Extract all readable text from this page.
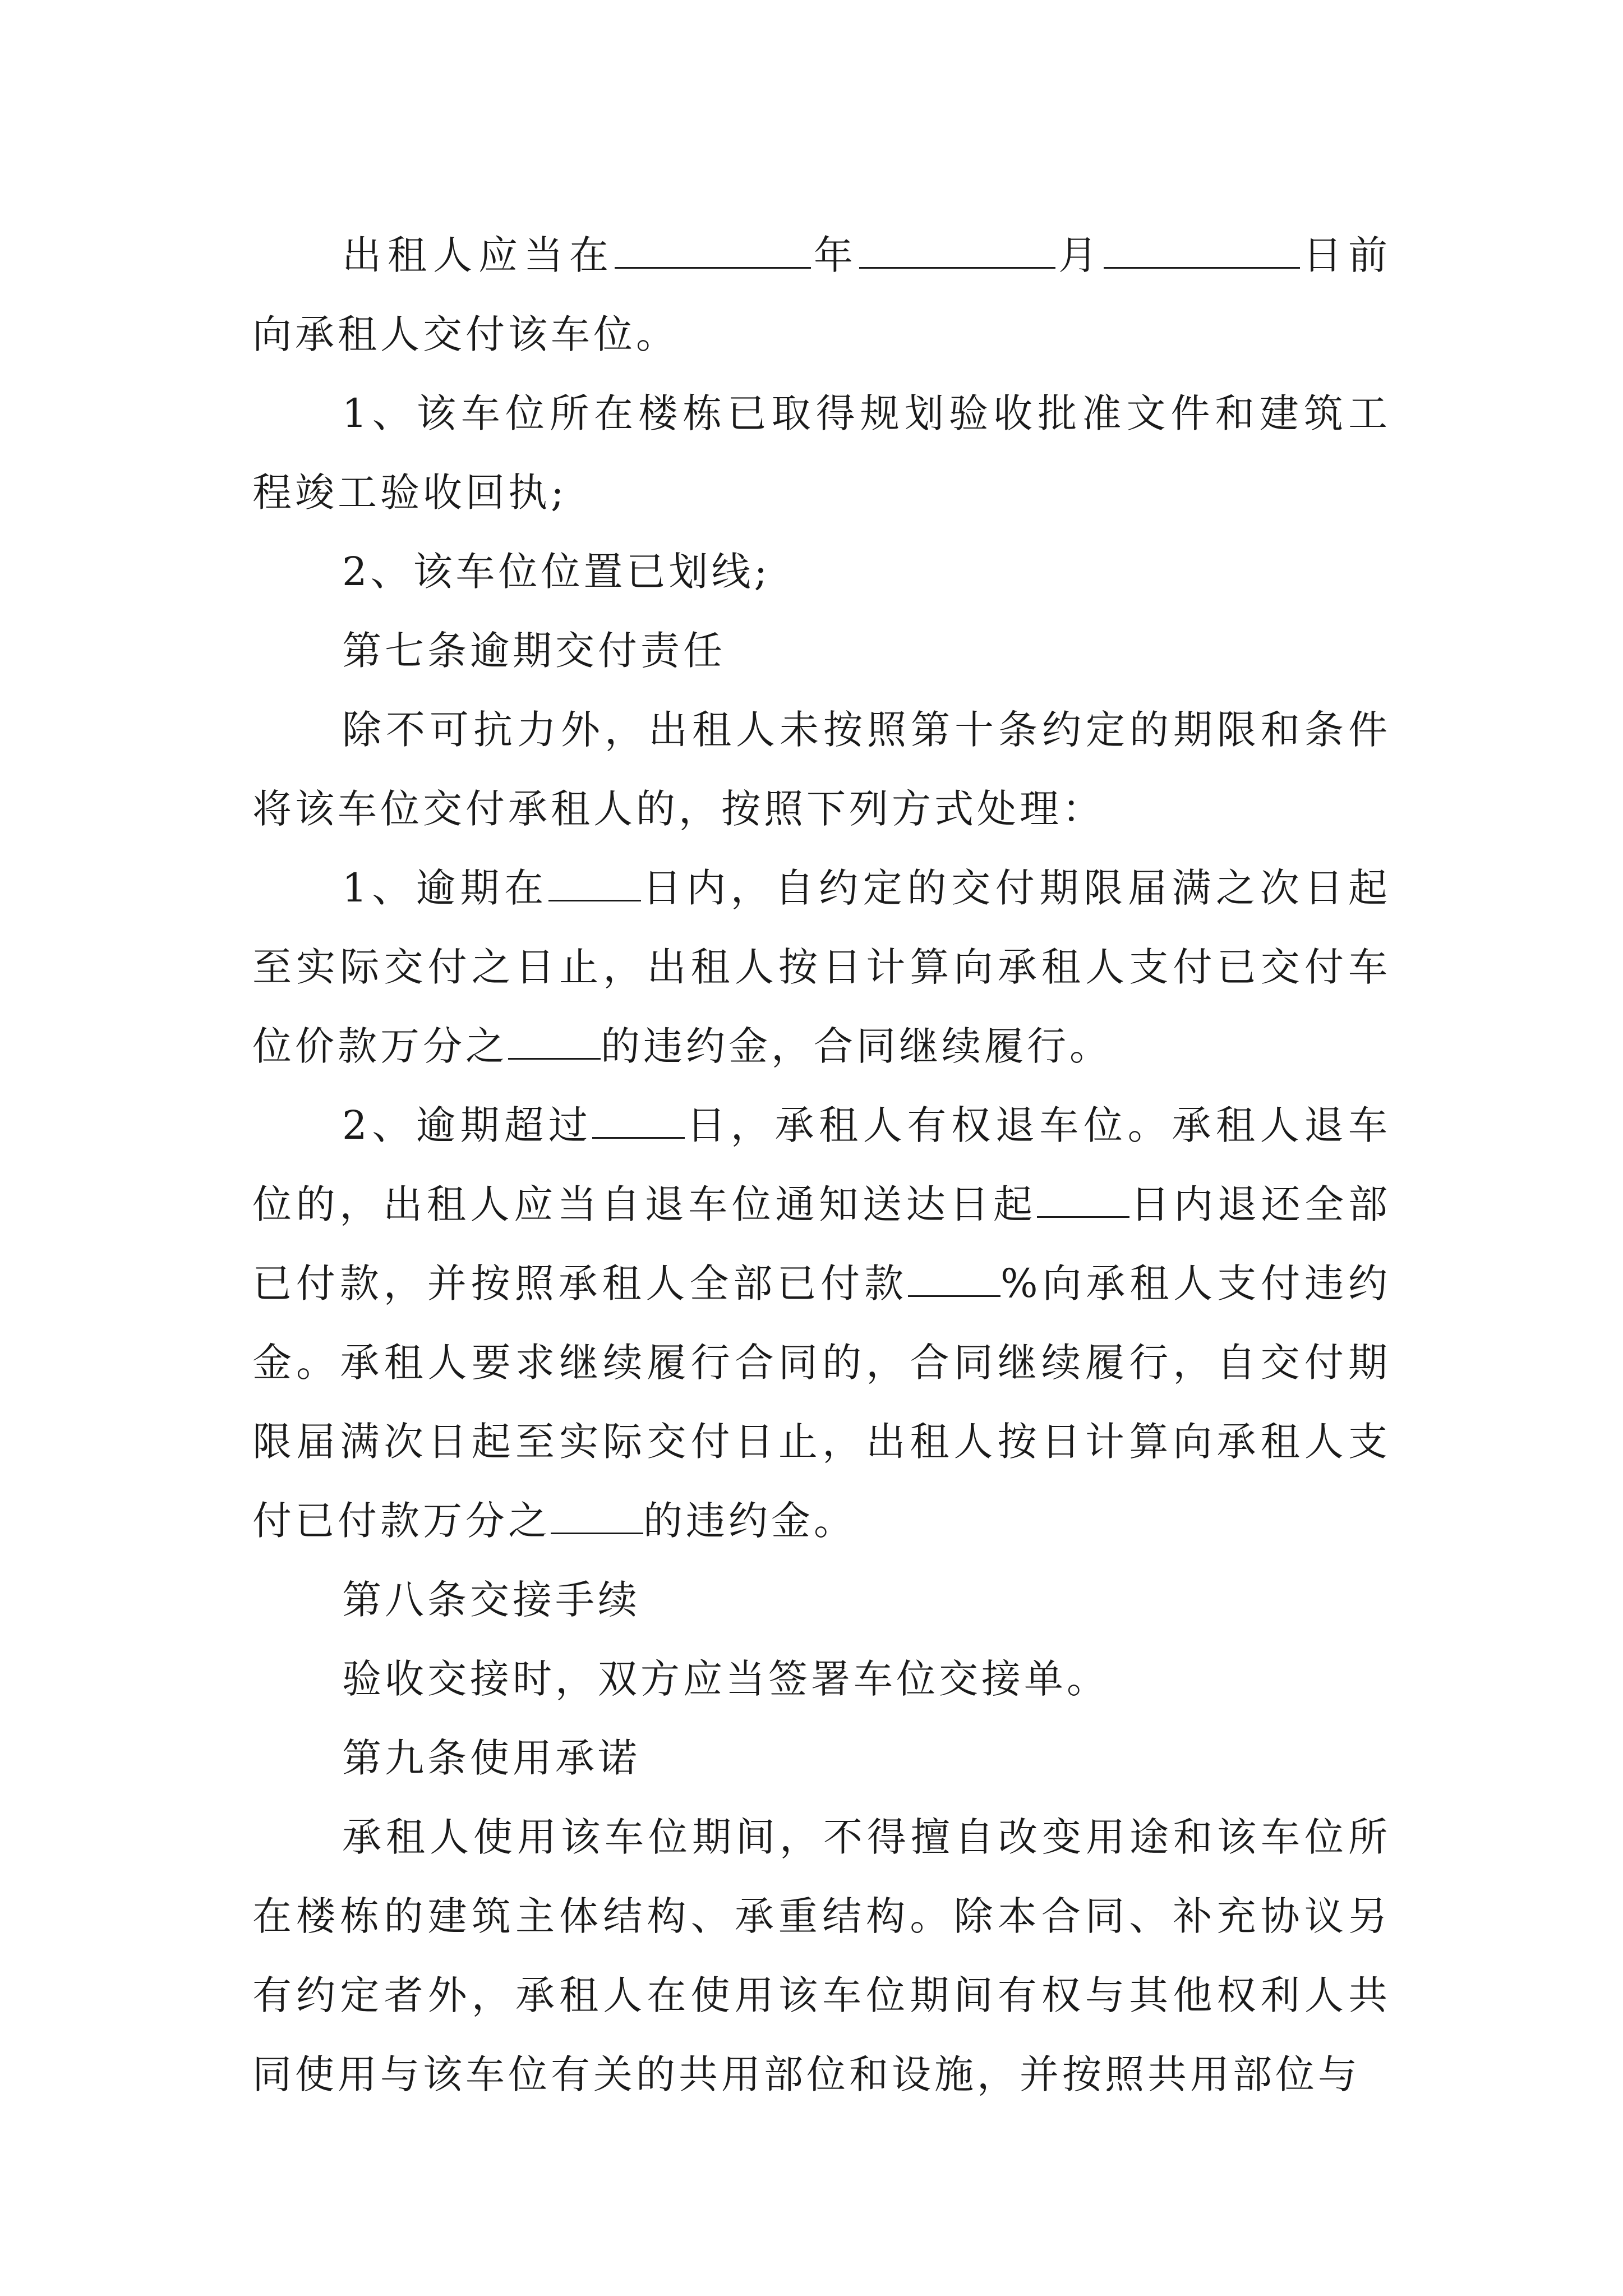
出租人应当在	年	月	日前向承租人交付该车位。

1、该车位所在楼栋已取得规划验收批准文件和建筑工程竣工验收回执;

2、该车位位置已划线;

第七条逾期交付责任

除不可抗力外，出租人未按照第十条约定的期限和条件将该车位交付承租人的，按照下列方式处理：

1、逾期在 日内，自约定的交付期限届满之次日起至实际交付之日止，出租人按日计算向承租人支付已交付车位价款万分之 的违约金，合同继续履行。

2、逾期超过 日，承租人有权退车位。承租人退车位的，出租人应当自退车位通知送达日起 日内退还全部已付款，并按照承租人全部已付款 %向承租人支付违约金。承租人要求继续履行合同的，合同继续履行，自交付期限届满次日起至实际交付日止，出租人按日计算向承租人支付已付款万分之 的违约金。

第八条交接手续

验收交接时，双方应当签署车位交接单。

第九条使用承诺

承租人使用该车位期间，不得擅自改变用途和该车位所在楼栋的建筑主体结构、承重结构。除本合同、补充协议另有约定者外，承租人在使用该车位期间有权与其他权利人共同使用与该车位有关的共用部位和设施，并按照共用部位与
